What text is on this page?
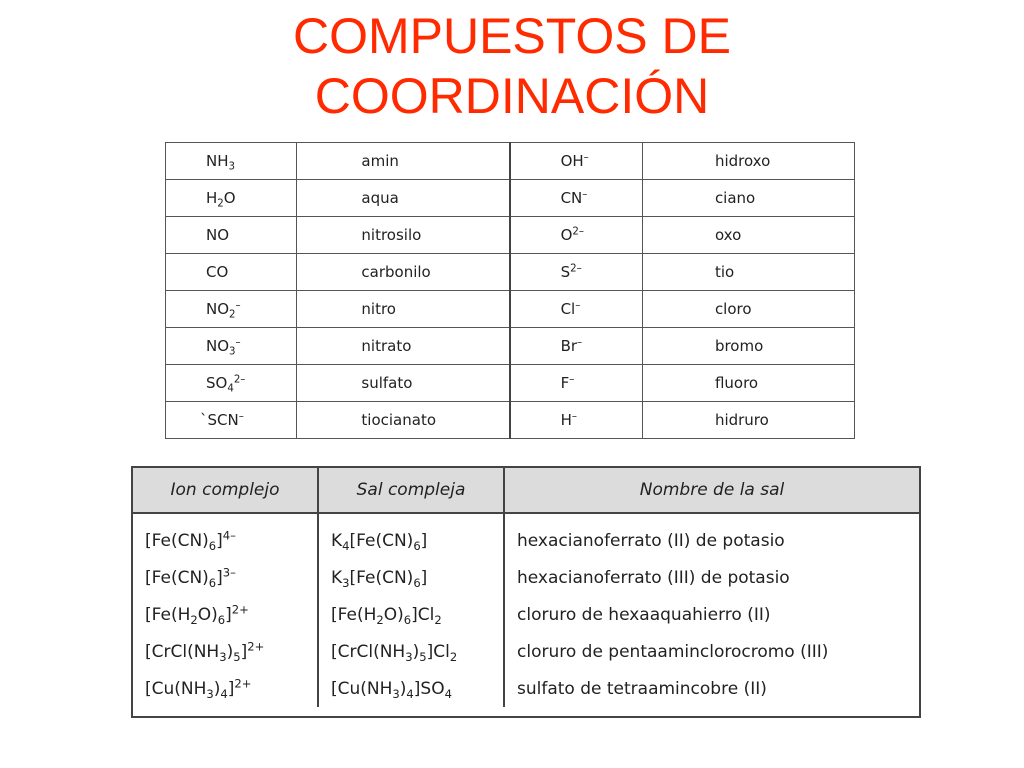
COMPUESTOS DE
COORDINACIÓN
$NH_3$	amin	OH–	hidroxo
$H_2O$	aqua	CN–	ciano
NO	nitrosilo	$O^{2-}$	oxo
CO	carbonilo	$S^{2-}$	tio
$NO_2^-$	nitro	Cl–	cloro
$NO_3^-$	nitrato	Br–	bromo
$SO_4^{2-}$	sulfato	F–	fluoro
`SCN–	tiocianato	H–	hidruro
Ion complejo	Sal compleja	Nombre de la sal
$[Fe(CN)_6]^{4-}$	$K_4[Fe(CN)_6]$	hexacianoferrato (II) de potasio
$[Fe(CN)_6]^{3-}$	$K_3[Fe(CN)_6]$	hexacianoferrato (III) de potasio
$[Fe(H_2O)_6]^{2+}$	$[Fe(H_2O)_6]Cl_2$	cloruro de hexaaquahierro (II)
$[CrCl(NH_3)_5]^{2+}$	$[CrCl(NH_3)_5]Cl_2$	cloruro de pentaaminclorocromo (III)
$[Cu(NH_3)_4]^{2+}$	$[Cu(NH_3)_4]SO_4$	sulfato de tetraamincobre (II)
